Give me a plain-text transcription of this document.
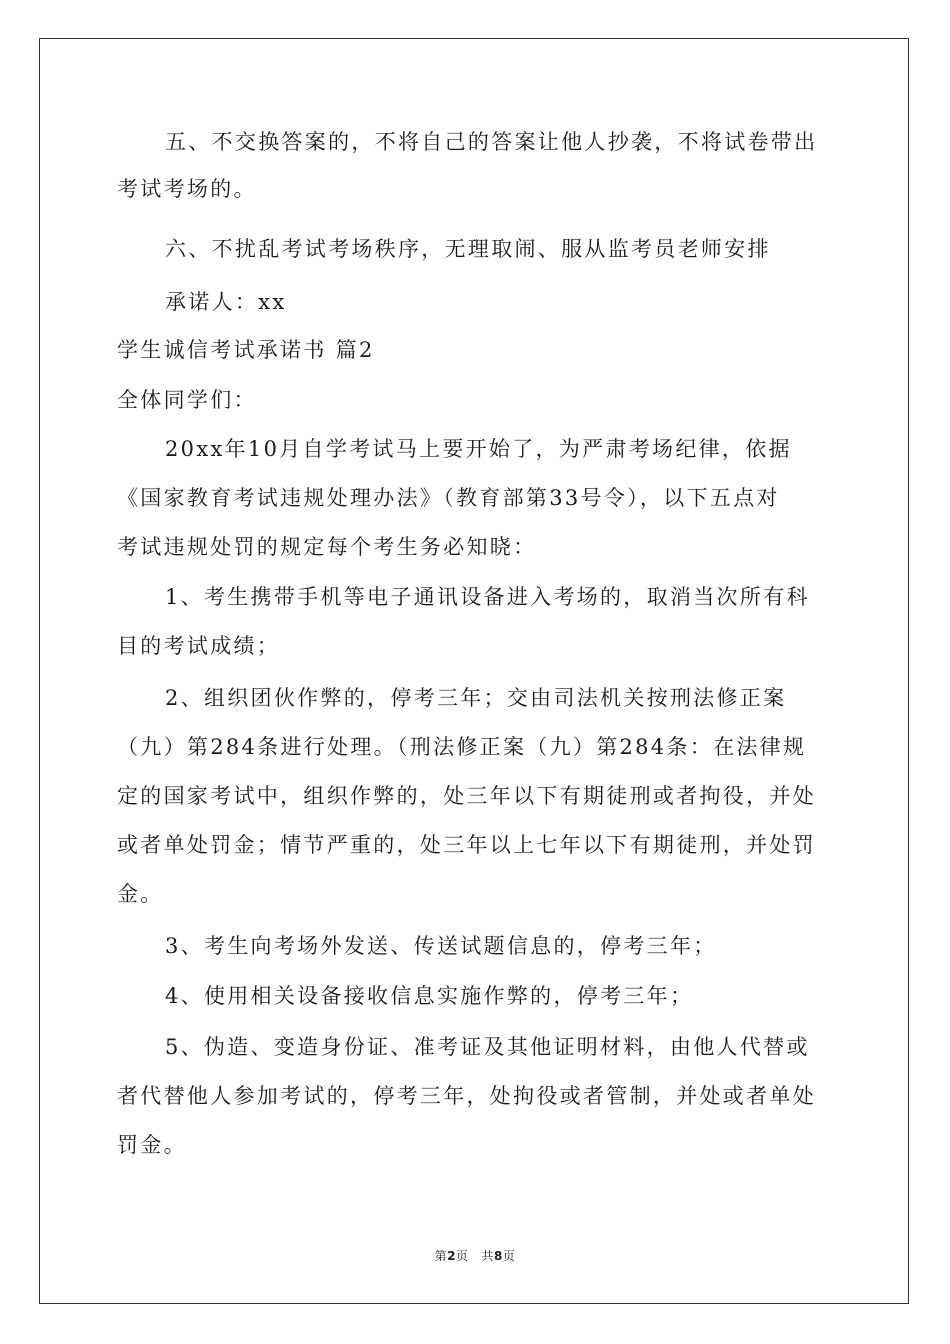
五、不交换答案的，不将自己的答案让他人抄袭，不将试卷带出
考试考场的。
六、不扰乱考试考场秩序，无理取闹、服从监考员老师安排
承诺人：xx
学生诚信考试承诺书 篇2
全体同学们：
20xx年10月自学考试马上要开始了，为严肃考场纪律，依据
《国家教育考试违规处理办法》（教育部第33号令），以下五点对
考试违规处罚的规定每个考生务必知晓：
1、考生携带手机等电子通讯设备进入考场的，取消当次所有科
目的考试成绩；
2、组织团伙作弊的，停考三年；交由司法机关按刑法修正案
（九）第284条进行处理。（刑法修正案（九）第284条：在法律规
定的国家考试中，组织作弊的，处三年以下有期徒刑或者拘役，并处
或者单处罚金；情节严重的，处三年以上七年以下有期徒刑，并处罚
金。
3、考生向考场外发送、传送试题信息的，停考三年；
4、使用相关设备接收信息实施作弊的，停考三年；
5、伪造、变造身份证、准考证及其他证明材料，由他人代替或
者代替他人参加考试的，停考三年，处拘役或者管制，并处或者单处
罚金。
第2页 共8页
